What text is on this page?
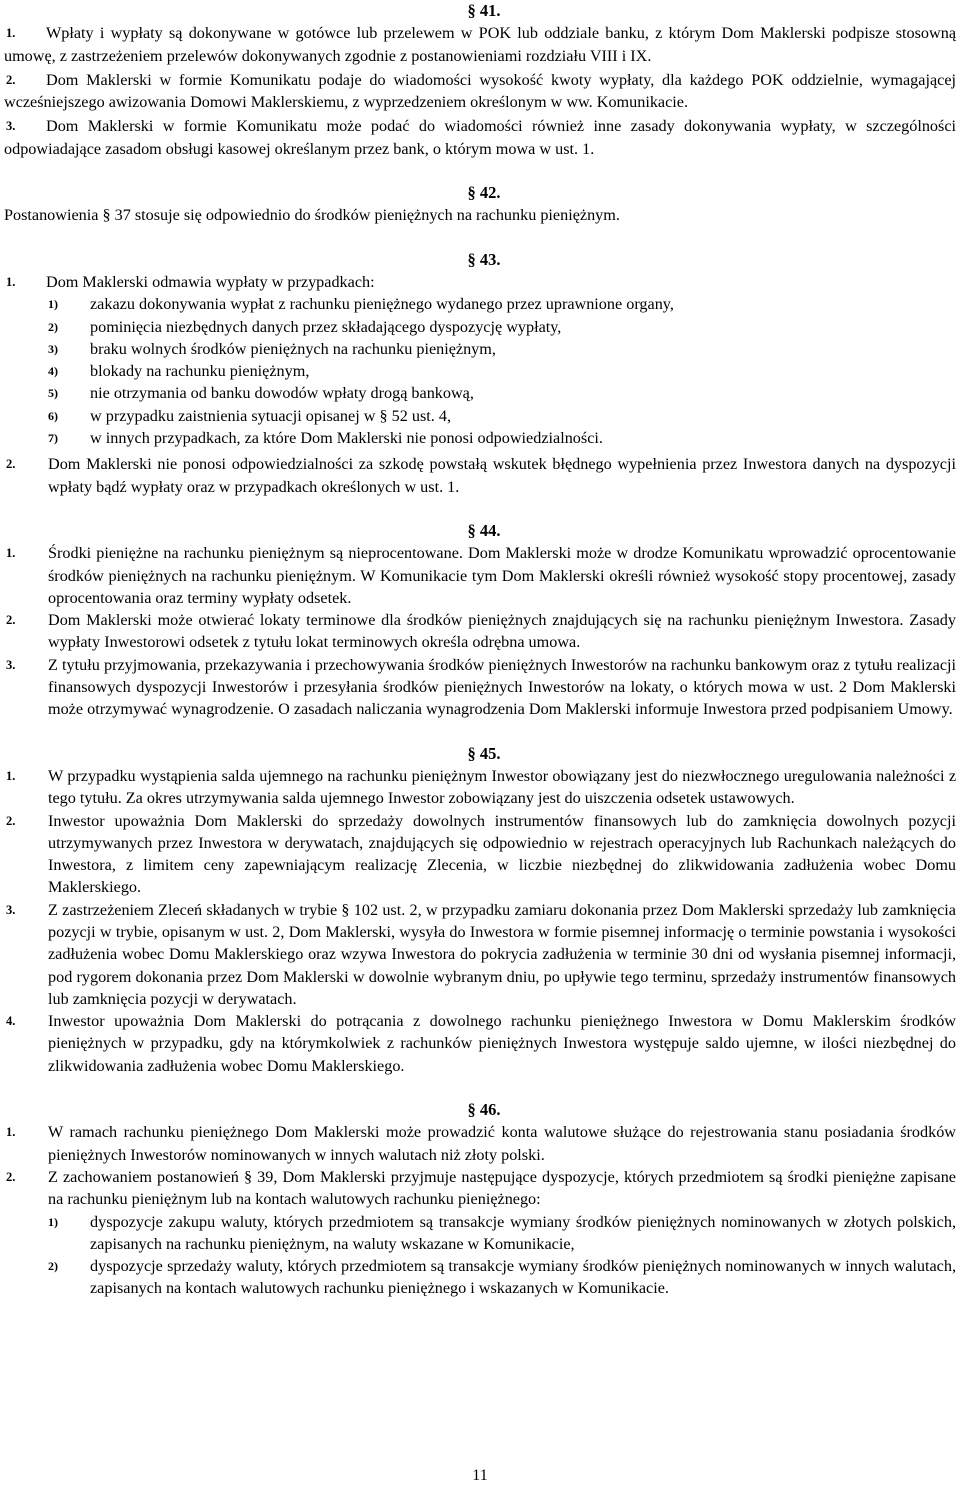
§ 41.
1.	Wpłaty i wypłaty są dokonywane w gotówce lub przelewem w POK lub oddziale banku, z którym Dom Maklerski podpisze stosowną umowę, z zastrzeżeniem przelewów dokonywanych zgodnie z postanowieniami rozdziału VIII i IX.
2.	Dom Maklerski w formie Komunikatu podaje do wiadomości wysokość kwoty wypłaty, dla każdego POK oddzielnie, wymagającej wcześniejszego awizowania Domowi Maklerskiemu, z wyprzedzeniem określonym w ww. Komunikacie.
3.	Dom Maklerski w formie Komunikatu może podać do wiadomości również inne zasady dokonywania wypłaty, w szczególności odpowiadające zasadom obsługi kasowej określanym przez bank, o którym mowa w ust. 1.
§ 42.
Postanowienia § 37 stosuje się odpowiednio do środków pieniężnych na rachunku pieniężnym.
§ 43.
1.	Dom Maklerski odmawia wypłaty w przypadkach:
1) zakazu dokonywania wypłat z rachunku pieniężnego wydanego przez uprawnione organy,
2) pominięcia niezbędnych danych przez składającego dyspozycję wypłaty,
3) braku wolnych środków pieniężnych na rachunku pieniężnym,
4) blokady na rachunku pieniężnym,
5) nie otrzymania od banku dowodów wpłaty drogą bankową,
6) w przypadku zaistnienia sytuacji opisanej w § 52 ust. 4,
7) w innych przypadkach, za które Dom Maklerski nie ponosi odpowiedzialności.
2. Dom Maklerski nie ponosi odpowiedzialności za szkodę powstałą wskutek błędnego wypełnienia przez Inwestora danych na dyspozycji wpłaty bądź wypłaty oraz w przypadkach określonych w ust. 1.
§ 44.
1. Środki pieniężne na rachunku pieniężnym są nieprocentowane. Dom Maklerski może w drodze Komunikatu wprowadzić oprocentowanie środków pieniężnych na rachunku pieniężnym. W Komunikacie tym Dom Maklerski określi również wysokość stopy procentowej, zasady oprocentowania oraz terminy wypłaty odsetek.
2. Dom Maklerski może otwierać lokaty terminowe dla środków pieniężnych znajdujących się na rachunku pieniężnym Inwestora. Zasady wypłaty Inwestorowi odsetek z tytułu lokat terminowych określa odrębna umowa.
3. Z tytułu przyjmowania, przekazywania i przechowywania środków pieniężnych Inwestorów na rachunku bankowym oraz z tytułu realizacji finansowych dyspozycji Inwestorów i przesyłania środków pieniężnych Inwestorów na lokaty, o których mowa w ust. 2 Dom Maklerski może otrzymywać wynagrodzenie. O zasadach naliczania wynagrodzenia Dom Maklerski informuje Inwestora przed podpisaniem Umowy.
§ 45.
1. W przypadku wystąpienia salda ujemnego na rachunku pieniężnym Inwestor obowiązany jest do niezwłocznego uregulowania należności z tego tytułu. Za okres utrzymywania salda ujemnego Inwestor zobowiązany jest do uiszczenia odsetek ustawowych.
2. Inwestor upoważnia Dom Maklerski do sprzedaży dowolnych instrumentów finansowych lub do zamknięcia dowolnych pozycji utrzymywanych przez Inwestora w derywatach, znajdujących się odpowiednio w rejestrach operacyjnych lub Rachunkach należących do Inwestora, z limitem ceny zapewniającym realizację Zlecenia, w liczbie niezbędnej do zlikwidowania zadłużenia wobec Domu Maklerskiego.
3. Z zastrzeżeniem Zleceń składanych w trybie § 102 ust. 2, w przypadku zamiaru dokonania przez Dom Maklerski sprzedaży lub zamknięcia pozycji w trybie, opisanym w ust. 2, Dom Maklerski, wysyła do Inwestora w formie pisemnej informację o terminie powstania i wysokości zadłużenia wobec Domu Maklerskiego oraz wzywa Inwestora do pokrycia zadłużenia w terminie 30 dni od wysłania pisemnej informacji, pod rygorem dokonania przez Dom Maklerski w dowolnie wybranym dniu, po upływie tego terminu, sprzedaży instrumentów finansowych lub zamknięcia pozycji w derywatach.
4. Inwestor upoważnia Dom Maklerski do potrącania z dowolnego rachunku pieniężnego Inwestora w Domu Maklerskim środków pieniężnych w przypadku, gdy na którymkolwiek z rachunków pieniężnych Inwestora występuje saldo ujemne, w ilości niezbędnej do zlikwidowania zadłużenia wobec Domu Maklerskiego.
§ 46.
1. W ramach rachunku pieniężnego Dom Maklerski może prowadzić konta walutowe służące do rejestrowania stanu posiadania środków pieniężnych Inwestorów nominowanych w innych walutach niż złoty polski.
2. Z zachowaniem postanowień § 39, Dom Maklerski przyjmuje następujące dyspozycje, których przedmiotem są środki pieniężne zapisane na rachunku pieniężnym lub na kontach walutowych rachunku pieniężnego:
1) dyspozycje zakupu waluty, których przedmiotem są transakcje wymiany środków pieniężnych nominowanych w złotych polskich, zapisanych na rachunku pieniężnym, na waluty wskazane w Komunikacie,
2) dyspozycje sprzedaży waluty, których przedmiotem są transakcje wymiany środków pieniężnych nominowanych w innych walutach, zapisanych na kontach walutowych rachunku pieniężnego i wskazanych w Komunikacie.
11
